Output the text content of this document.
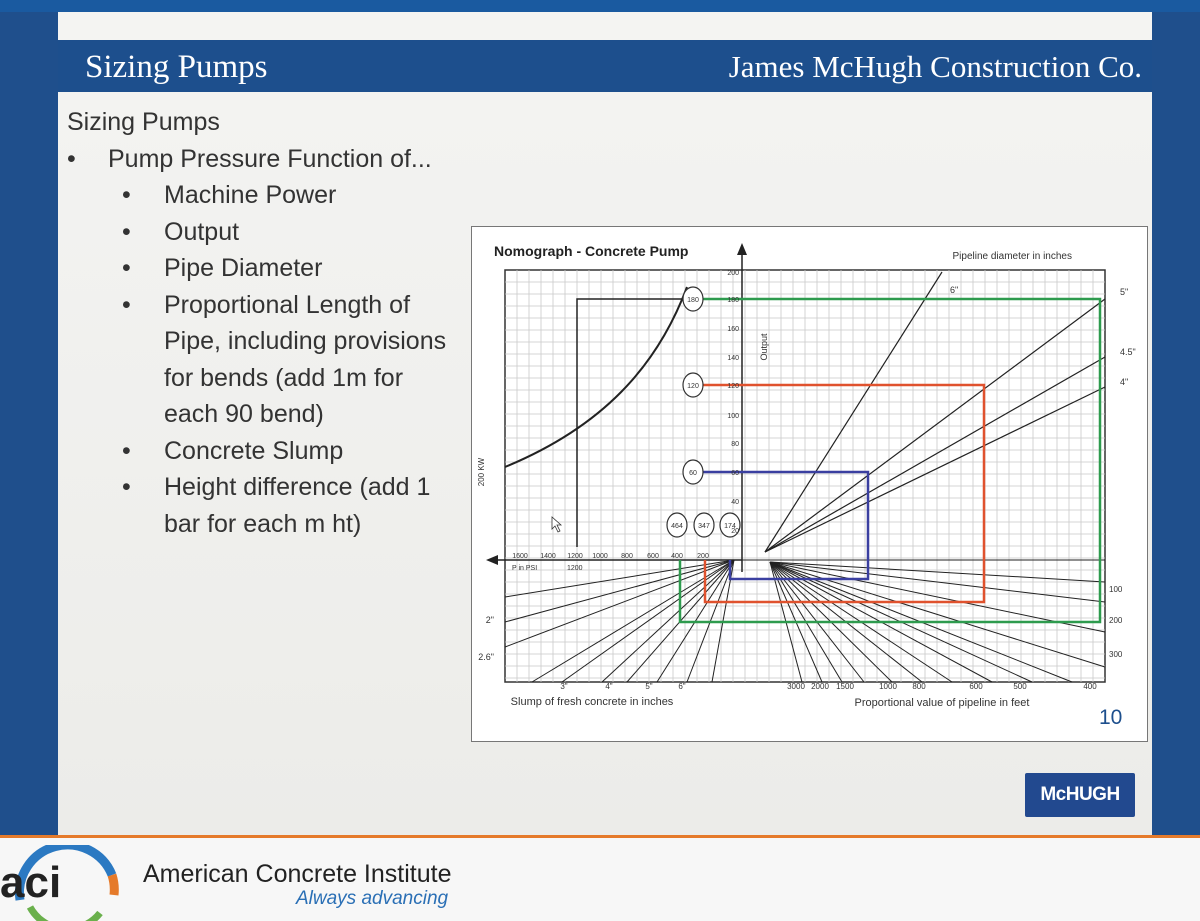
Sizing Pumps	James McHugh Construction Co.
Sizing Pumps
• Pump Pressure Function of...
• Machine Power
• Output
• Pipe Diameter
• Proportional Length of Pipe, including provisions for bends (add 1m for each 90 bend)
• Concrete Slump
• Height difference (add 1 bar for each m ht)
180
120
60
464 347 174
Nomograph - Concrete Pump	Pipeline diameter in inches
200 KW
Output
200
180
160
140
120
100
80
60
40
20
1600 1400 1200 1000 800 600 400 200
P in PSI	1200
6"	5"
4.5"
4"
2"
2.6"
100
200
300
3"	4"	5"	6"
Slump of fresh concrete in inches
3000 2000 1500	1000 800	600	500	400
Proportional value of pipeline in feet
10
McHUGH
aci	American Concrete Institute
Always advancing
